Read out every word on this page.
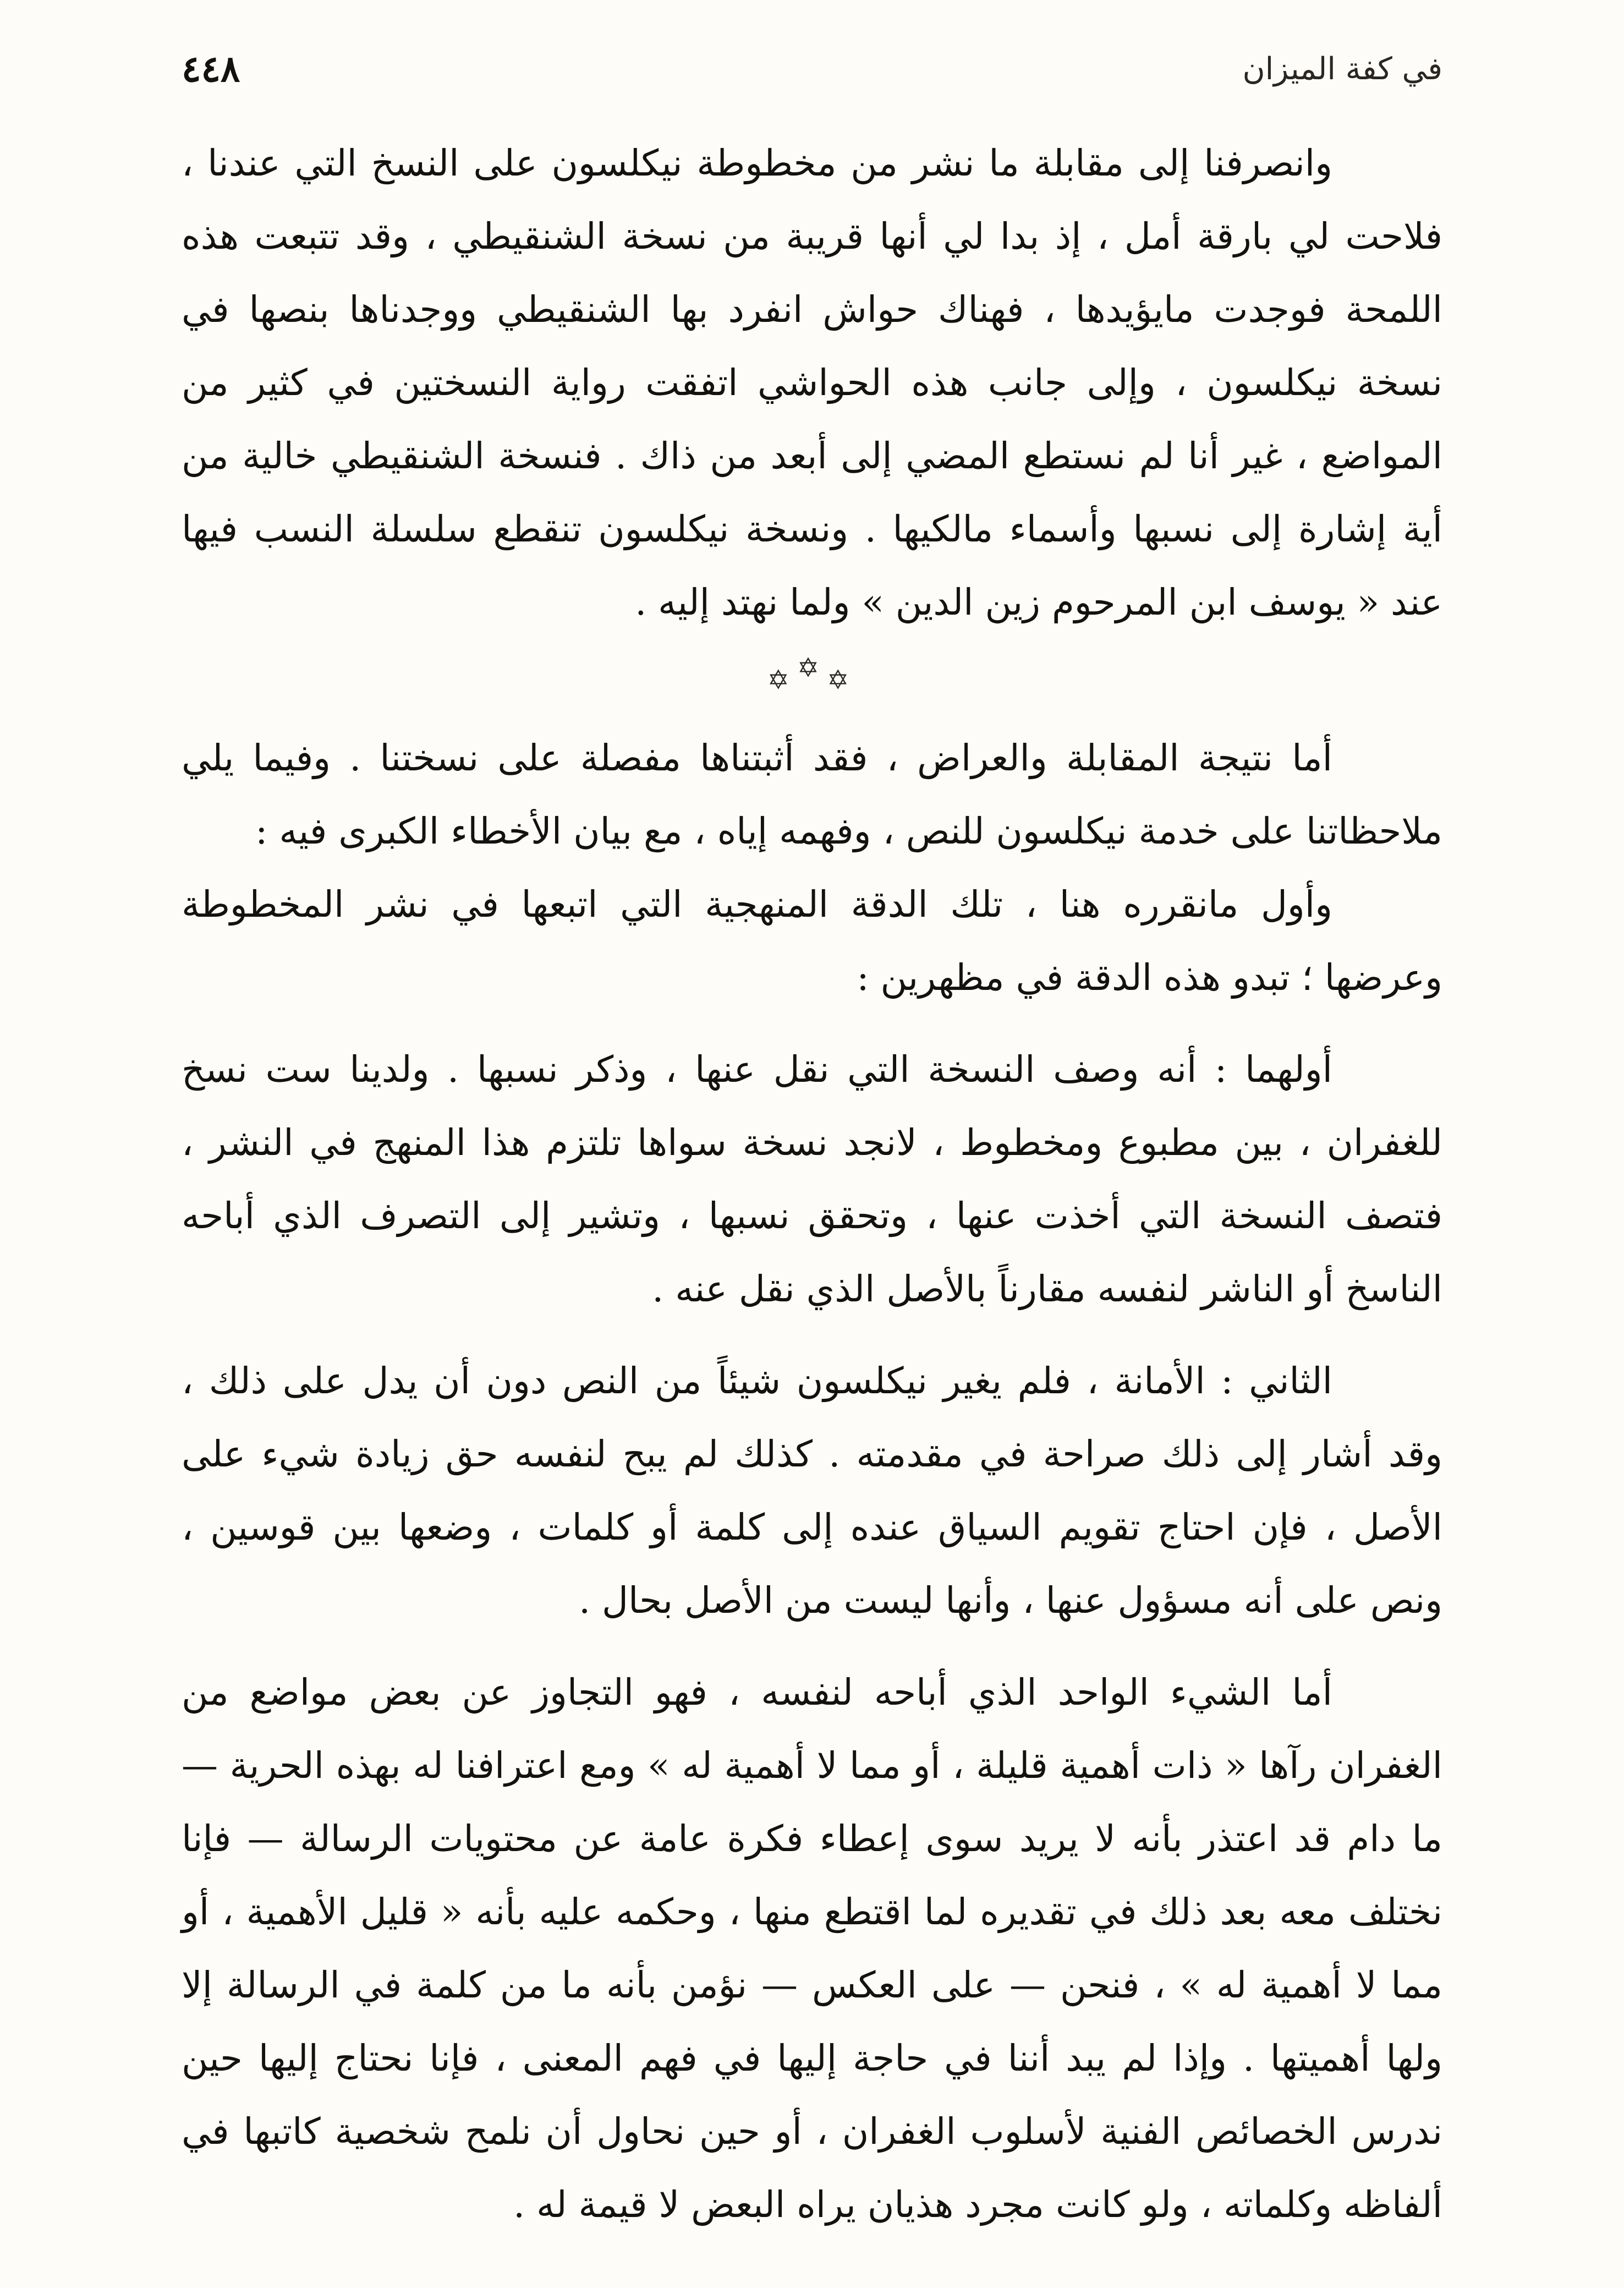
في كفة الميزان
٤٤٨

وانصرفنا إلى مقابلة ما نشر من مخطوطة نيكلسون على النسخ التي عندنا ، فلاحت لي بارقة أمل ، إذ بدا لي أنها قريبة من نسخة الشنقيطي ، وقد تتبعت هذه اللمحة فوجدت مايؤيدها ، فهناك حواش انفرد بها الشنقيطي ووجدناها بنصها في نسخة نيكلسون ، وإلى جانب هذه الحواشي اتفقت رواية النسختين في كثير من المواضع ، غير أنا لم نستطع المضي إلى أبعد من ذاك . فنسخة الشنقيطي خالية من أية إشارة إلى نسبها وأسماء مالكيها . ونسخة نيكلسون تنقطع سلسلة النسب فيها عند « يوسف ابن المرحوم زين الدين » ولما نهتد إليه .

✡
✡
✡

أما نتيجة المقابلة والعراض ، فقد أثبتناها مفصلة على نسختنا . وفيما يلي ملاحظاتنا على خدمة نيكلسون للنص ، وفهمه إياه ، مع بيان الأخطاء الكبرى فيه :

وأول مانقرره هنا ، تلك الدقة المنهجية التي اتبعها في نشر المخطوطة وعرضها ؛ تبدو هذه الدقة في مظهرين :

أولهما : أنه وصف النسخة التي نقل عنها ، وذكر نسبها . ولدينا ست نسخ للغفران ، بين مطبوع ومخطوط ، لانجد نسخة سواها تلتزم هذا المنهج في النشر ، فتصف النسخة التي أخذت عنها ، وتحقق نسبها ، وتشير إلى التصرف الذي أباحه الناسخ أو الناشر لنفسه مقارناً بالأصل الذي نقل عنه .

الثاني : الأمانة ، فلم يغير نيكلسون شيئاً من النص دون أن يدل على ذلك ، وقد أشار إلى ذلك صراحة في مقدمته . كذلك لم يبح لنفسه حق زيادة شيء على الأصل ، فإن احتاج تقويم السياق عنده إلى كلمة أو كلمات ، وضعها بين قوسين ، ونص على أنه مسؤول عنها ، وأنها ليست من الأصل بحال .

أما الشيء الواحد الذي أباحه لنفسه ، فهو التجاوز عن بعض مواضع من الغفران رآها « ذات أهمية قليلة ، أو مما لا أهمية له » ومع اعترافنا له بهذه الحرية — ما دام قد اعتذر بأنه لا يريد سوى إعطاء فكرة عامة عن محتويات الرسالة — فإنا نختلف معه بعد ذلك في تقديره لما اقتطع منها ، وحكمه عليه بأنه « قليل الأهمية ، أو مما لا أهمية له » ، فنحن — على العكس — نؤمن بأنه ما من كلمة في الرسالة إلا ولها أهميتها . وإذا لم يبد أننا في حاجة إليها في فهم المعنى ، فإنا نحتاج إليها حين ندرس الخصائص الفنية لأسلوب الغفران ، أو حين نحاول أن نلمح شخصية كاتبها في ألفاظه وكلماته ، ولو كانت مجرد هذيان يراه البعض لا قيمة له .
